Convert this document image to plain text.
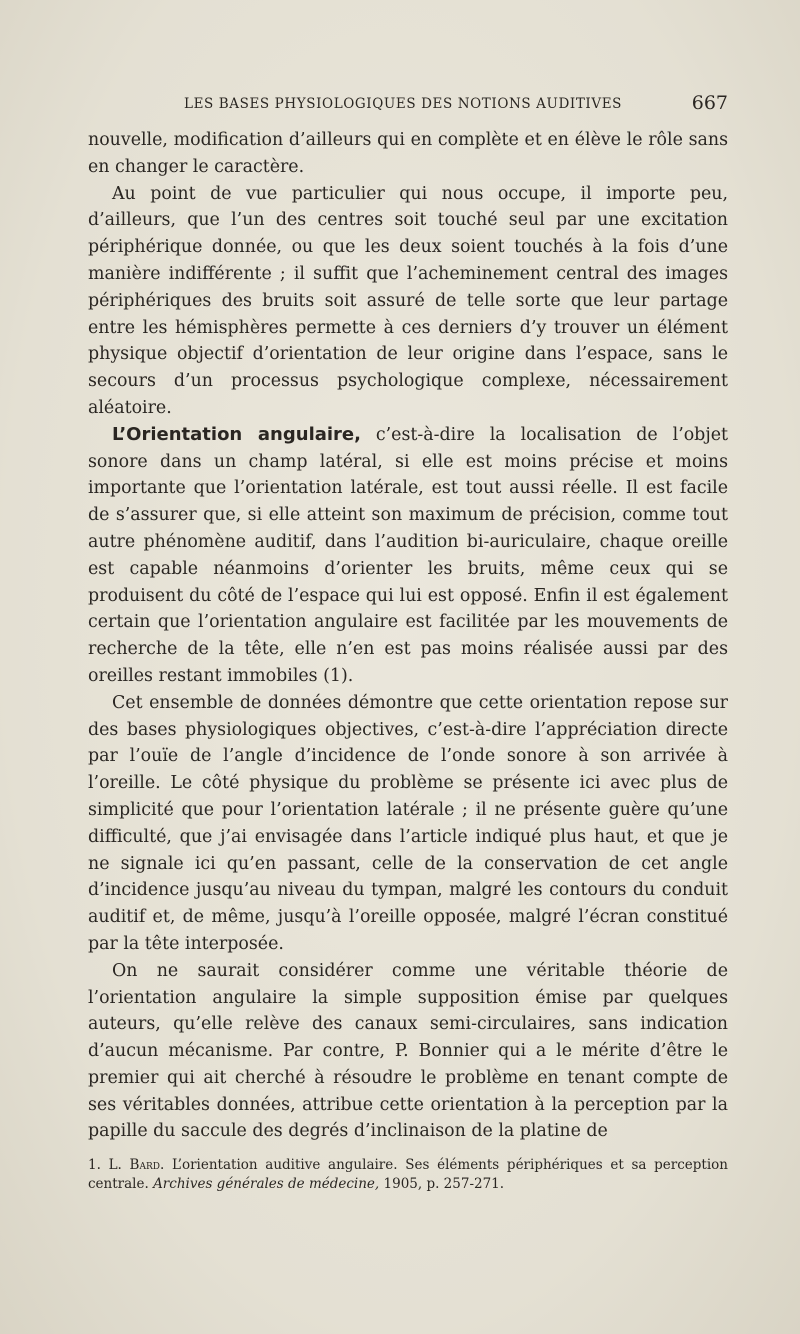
LES BASES PHYSIOLOGIQUES DES NOTIONS AUDITIVES	667

nouvelle, modification d’ailleurs qui en complète et en élève le rôle sans en changer le caractère.

Au point de vue particulier qui nous occupe, il importe peu, d’ailleurs, que l’un des centres soit touché seul par une excitation périphérique donnée, ou que les deux soient touchés à la fois d’une manière indifférente ; il suffit que l’acheminement central des images périphériques des bruits soit assuré de telle sorte que leur partage entre les hémisphères permette à ces derniers d’y trouver un élément physique objectif d’orientation de leur origine dans l’espace, sans le secours d’un processus psychologique complexe, nécessairement aléatoire.

L’Orientation angulaire, c’est-à-dire la localisation de l’objet sonore dans un champ latéral, si elle est moins précise et moins importante que l’orientation latérale, est tout aussi réelle. Il est facile de s’assurer que, si elle atteint son maximum de précision, comme tout autre phénomène auditif, dans l’audition bi-auriculaire, chaque oreille est capable néanmoins d’orienter les bruits, même ceux qui se produisent du côté de l’espace qui lui est opposé. Enfin il est également certain que l’orientation angulaire est facilitée par les mouvements de recherche de la tête, elle n’en est pas moins réalisée aussi par des oreilles restant immobiles (1).

Cet ensemble de données démontre que cette orientation repose sur des bases physiologiques objectives, c’est-à-dire l’appréciation directe par l’ouïe de l’angle d’incidence de l’onde sonore à son arrivée à l’oreille. Le côté physique du problème se présente ici avec plus de simplicité que pour l’orientation latérale ; il ne présente guère qu’une difficulté, que j’ai envisagée dans l’article indiqué plus haut, et que je ne signale ici qu’en passant, celle de la conservation de cet angle d’incidence jusqu’au niveau du tympan, malgré les contours du conduit auditif et, de même, jusqu’à l’oreille opposée, malgré l’écran constitué par la tête interposée.

On ne saurait considérer comme une véritable théorie de l’orientation angulaire la simple supposition émise par quelques auteurs, qu’elle relève des canaux semi-circulaires, sans indication d’aucun mécanisme. Par contre, P. Bonnier qui a le mérite d’être le premier qui ait cherché à résoudre le problème en tenant compte de ses véritables données, attribue cette orientation à la perception par la papille du saccule des degrés d’inclinaison de la platine de

1. L. Bard. L’orientation auditive angulaire. Ses éléments périphériques et sa perception centrale. Archives générales de médecine, 1905, p. 257-271.
